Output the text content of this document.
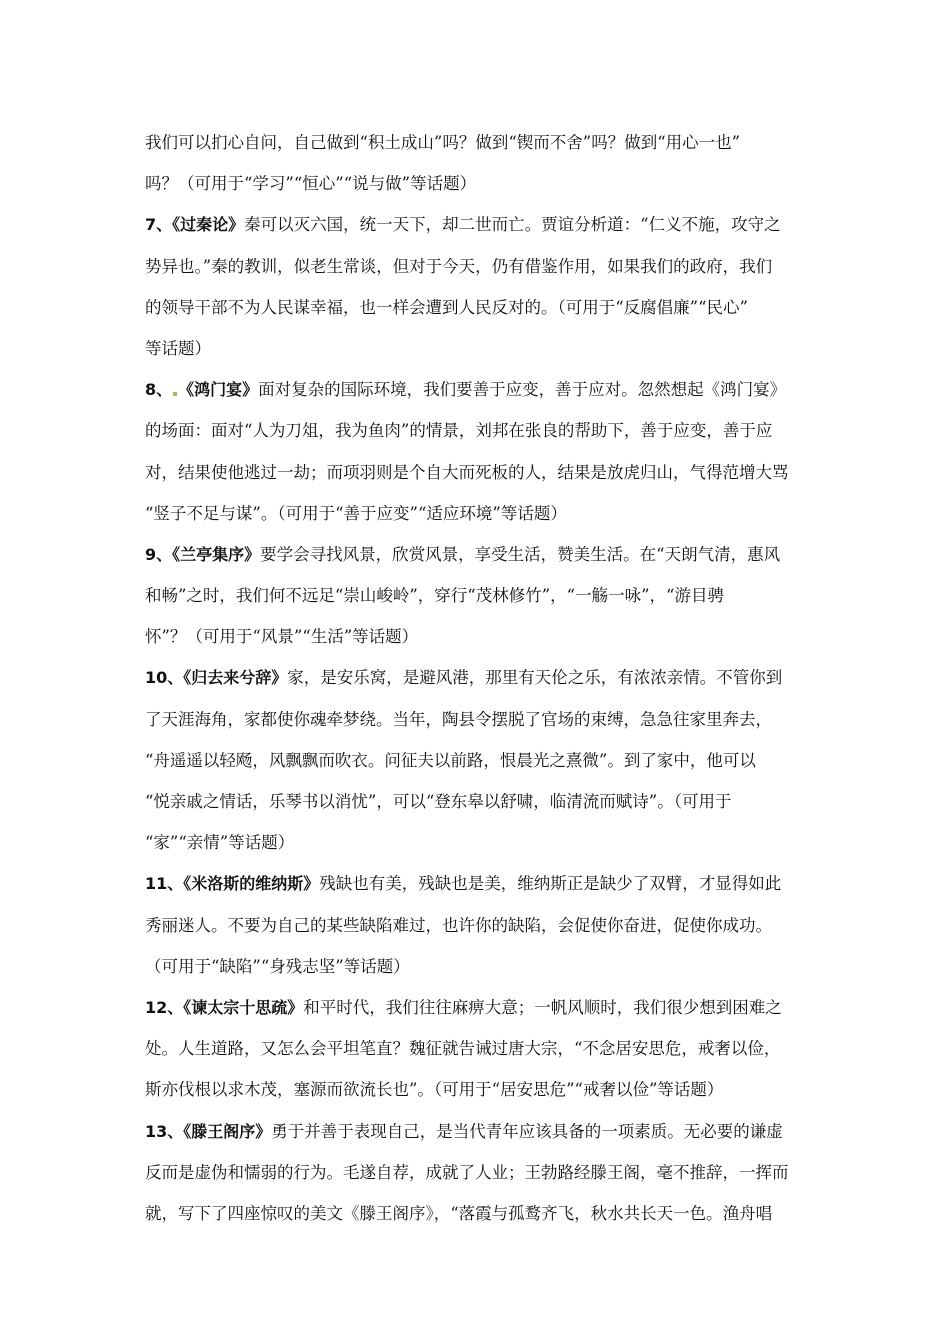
我们可以扪心自问，自己做到“积土成山”吗？做到“锲而不舍”吗？做到“用心一也”
吗？（可用于“学习”“恒心”“说与做”等话题）
7、《过秦论》秦可以灭六国，统一天下，却二世而亡。贾谊分析道：“仁义不施，攻守之
势异也。”秦的教训，似老生常谈，但对于今天，仍有借鉴作用，如果我们的政府，我们
的领导干部不为人民谋幸福，也一样会遭到人民反对的。（可用于“反腐倡廉”“民心”
等话题）
8、 《鸿门宴》面对复杂的国际环境，我们要善于应变，善于应对。忽然想起《鸿门宴》
的场面：面对“人为刀俎，我为鱼肉”的情景，刘邦在张良的帮助下，善于应变，善于应
对，结果使他逃过一劫；而项羽则是个自大而死板的人，结果是放虎归山，气得范增大骂
“竖子不足与谋”。（可用于“善于应变”“适应环境”等话题）
9、《兰亭集序》要学会寻找风景，欣赏风景，享受生活，赞美生活。在“天朗气清，惠风
和畅”之时，我们何不远足“崇山峻岭”，穿行“茂林修竹”，“一觞一咏”，“游目骋
怀”？（可用于“风景”“生活”等话题）
10、《归去来兮辞》家，是安乐窝，是避风港，那里有天伦之乐，有浓浓亲情。不管你到
了天涯海角，家都使你魂牵梦绕。当年，陶县令摆脱了官场的束缚，急急往家里奔去，
“舟遥遥以轻飏，风飘飘而吹衣。问征夫以前路，恨晨光之熹微”。到了家中，他可以
“悦亲戚之情话，乐琴书以消忧”，可以“登东皋以舒啸，临清流而赋诗”。（可用于
“家”“亲情”等话题）
11、《米洛斯的维纳斯》残缺也有美，残缺也是美，维纳斯正是缺少了双臂，才显得如此
秀丽迷人。不要为自己的某些缺陷难过，也许你的缺陷，会促使你奋进，促使你成功。
（可用于“缺陷”“身残志坚”等话题）
12、《谏太宗十思疏》和平时代，我们往往麻痹大意；一帆风顺时，我们很少想到困难之
处。人生道路，又怎么会平坦笔直？魏征就告诫过唐大宗，“不念居安思危，戒奢以俭，
斯亦伐根以求木茂，塞源而欲流长也”。（可用于“居安思危”“戒奢以俭”等话题）
13、《滕王阁序》勇于并善于表现自己，是当代青年应该具备的一项素质。无必要的谦虚
反而是虚伪和懦弱的行为。毛遂自荐，成就了人业；王勃路经滕王阁，毫不推辞，一挥而
就，写下了四座惊叹的美文《滕王阁序》，“落霞与孤鹜齐飞，秋水共长天一色。渔舟唱
